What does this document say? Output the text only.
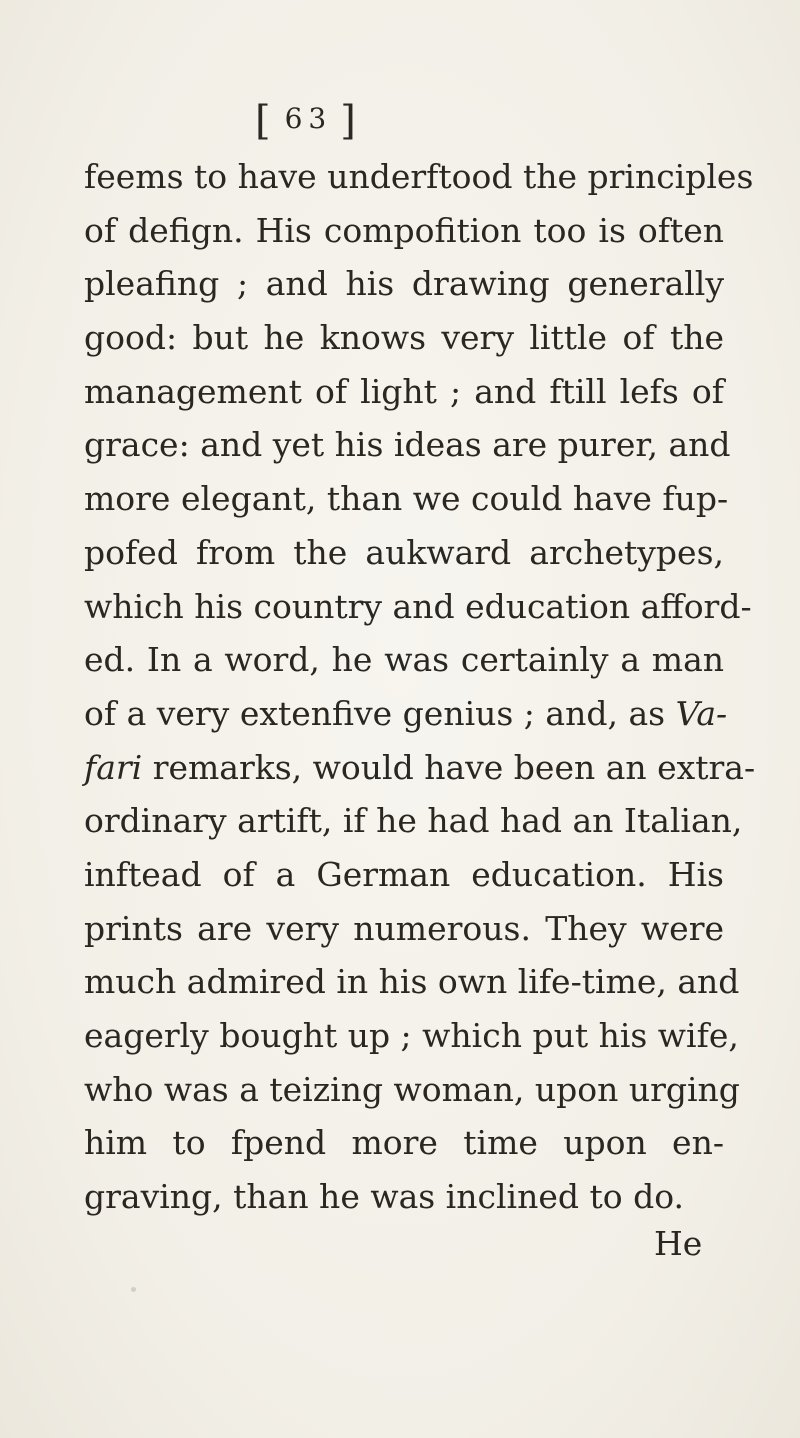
[ 63 ]
feems to have underftood the principles
of defign. His compofition too is often
pleafing ; and his drawing generally
good: but he knows very little of the
management of light ; and ftill lefs of
grace: and yet his ideas are purer, and
more elegant, than we could have fup-
pofed from the aukward archetypes,
which his country and education afford-
ed. In a word, he was certainly a man
of a very extenfive genius ; and, as Va-
fari remarks, would have been an extra-
ordinary artift, if he had had an Italian,
inftead of a German education. His
prints are very numerous. They were
much admired in his own life-time, and
eagerly bought up ; which put his wife,
who was a teizing woman, upon urging
him to fpend more time upon en-
graving, than he was inclined to do.
He
